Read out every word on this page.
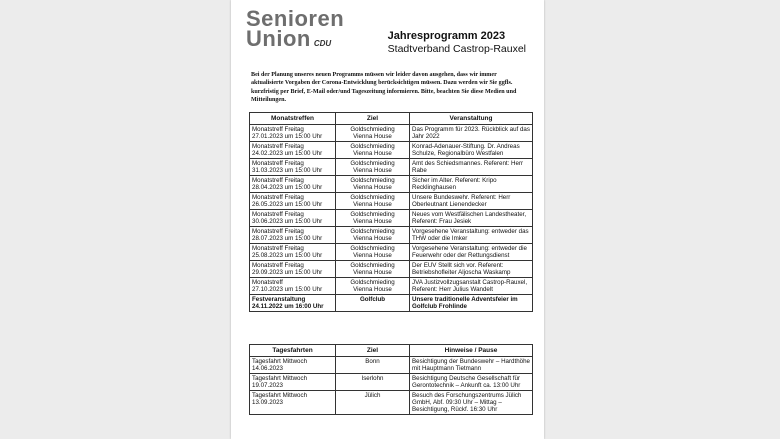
Senioren
Union CDU
Jahresprogramm 2023
Stadtverband Castrop-Rauxel
Bei der Planung unseres neuen Programms müssen wir leider davon ausgehen, dass wir immer aktualisierte Vorgaben der Corona-Entwicklung berücksichtigen müssen. Dazu werden wir Sie ggfls. kurzfristig per Brief, E-Mail oder/und Tageszeitung informieren. Bitte, beachten Sie diese Medien und Mitteilungen.
Monatstreffen	Ziel	Veranstaltung
Monatstreff Freitag
27.01.2023 um 15:00 Uhr	Goldschmieding
Vienna House	Das Programm für 2023. Rückblick auf das Jahr 2022
Monatstreff Freitag
24.02.2023 um 15:00 Uhr	Goldschmieding
Vienna House	Konrad-Adenauer-Stiftung. Dr. Andreas Schulze, Regionalbüro Westfalen
Monatstreff Freitag
31.03.2023 um 15:00 Uhr	Goldschmieding
Vienna House	Amt des Schiedsmannes. Referent: Herr Rabe
Monatstreff Freitag
28.04.2023 um 15:00 Uhr	Goldschmieding
Vienna House	Sicher im Alter. Referent: Kripo Recklinghausen
Monatstreff Freitag
26.05.2023 um 15:00 Uhr	Goldschmieding
Vienna House	Unsere Bundeswehr. Referent: Herr Oberleutnant Lienendecker
Monatstreff Freitag
30.06.2023 um 15:00 Uhr	Goldschmieding
Vienna House	Neues vom Westfälischen Landestheater, Referent: Frau Jesiek
Monatstreff Freitag
28.07.2023 um 15:00 Uhr	Goldschmieding
Vienna House	Vorgesehene Veranstaltung: entweder das THW oder die Imker
Monatstreff Freitag
25.08.2023 um 15:00 Uhr	Goldschmieding
Vienna House	Vorgesehene Veranstaltung: entweder die Feuerwehr oder der Rettungsdienst
Monatstreff Freitag
29.09.2023 um 15:00 Uhr	Goldschmieding
Vienna House	Der EUV Stellt sich vor. Referent: Betriebshofleiter Aljoscha Waskamp
Monatstreff
27.10.2023 um 15:00 Uhr	Goldschmieding
Vienna House	JVA Justizvollzugsanstalt Castrop-Rauxel, Referent: Herr Julius Wandelt
Festveranstaltung
24.11.2022 um 16:00 Uhr	Golfclub	Unsere traditionelle Adventsfeier im Golfclub Frohlinde
Tagesfahrten	Ziel	Hinweise / Pause
Tagesfahrt Mittwoch
14.06.2023	Bonn	Besichtigung der Bundeswehr – Hardthöhe mit Hauptmann Tietmann
Tagesfahrt Mittwoch
19.07.2023	Iserlohn	Besichtigung Deutsche Gesellschaft für Gerontotechnik – Ankunft ca. 13:00 Uhr
Tagesfahrt Mittwoch
13.09.2023	Jülich	Besuch des Forschungszentrums Jülich GmbH, Abf. 09:30 Uhr – Mittag – Besichtigung, Rückf. 16:30 Uhr
